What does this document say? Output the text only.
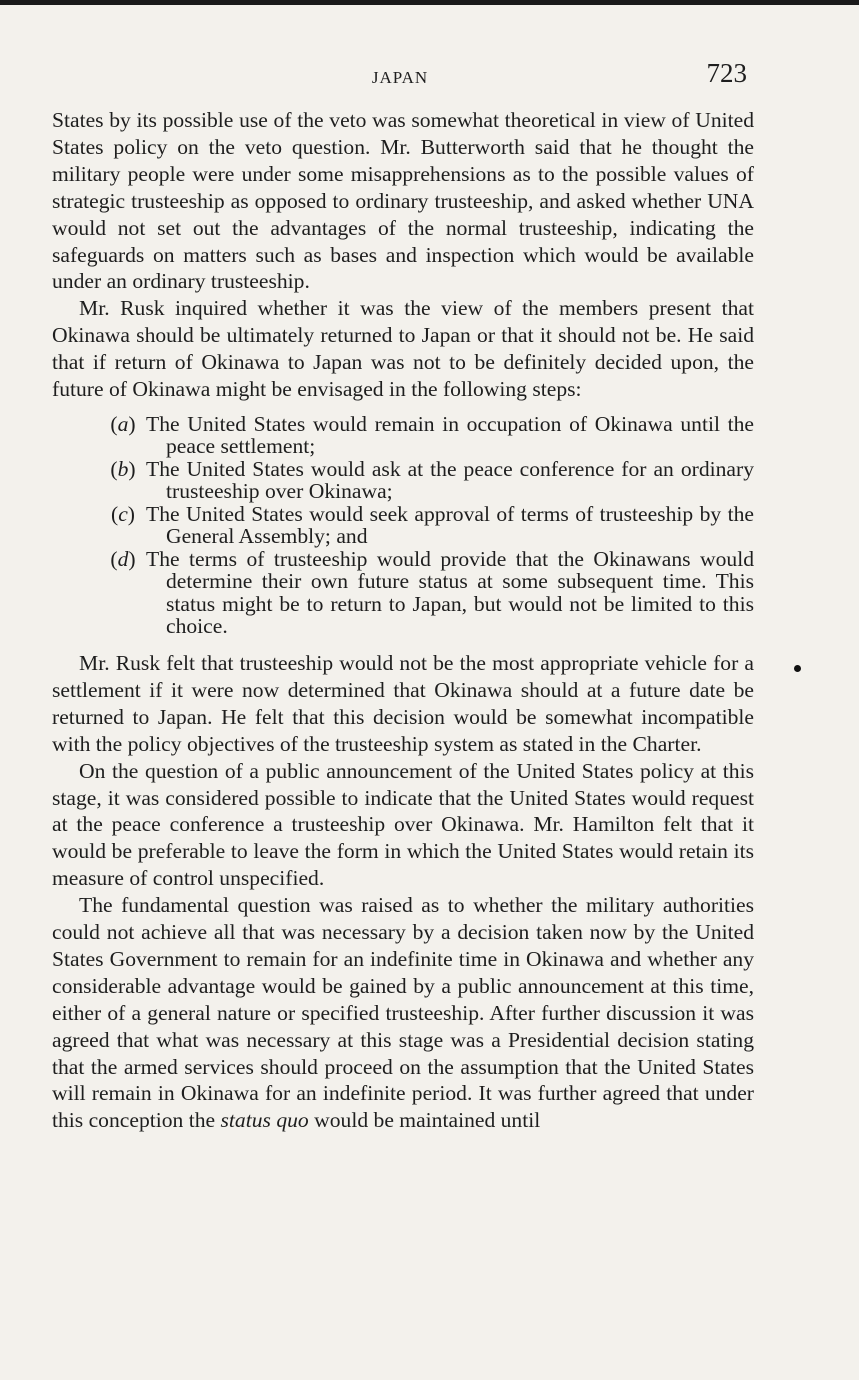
JAPAN	723

States by its possible use of the veto was somewhat theoretical in view of United States policy on the veto question. Mr. Butterworth said that he thought the military people were under some misapprehensions as to the possible values of strategic trusteeship as opposed to ordinary trusteeship, and asked whether UNA would not set out the advantages of the normal trusteeship, indicating the safeguards on matters such as bases and inspection which would be available under an ordinary trusteeship.

Mr. Rusk inquired whether it was the view of the members present that Okinawa should be ultimately returned to Japan or that it should not be. He said that if return of Okinawa to Japan was not to be definitely decided upon, the future of Okinawa might be envisaged in the following steps:

(a) The United States would remain in occupation of Okinawa until the peace settlement;
(b) The United States would ask at the peace conference for an ordinary trusteeship over Okinawa;
(c) The United States would seek approval of terms of trusteeship by the General Assembly; and
(d) The terms of trusteeship would provide that the Okinawans would determine their own future status at some subsequent time. This status might be to return to Japan, but would not be limited to this choice.

Mr. Rusk felt that trusteeship would not be the most appropriate vehicle for a settlement if it were now determined that Okinawa should at a future date be returned to Japan. He felt that this decision would be somewhat incompatible with the policy objectives of the trusteeship system as stated in the Charter.

On the question of a public announcement of the United States policy at this stage, it was considered possible to indicate that the United States would request at the peace conference a trusteeship over Okinawa. Mr. Hamilton felt that it would be preferable to leave the form in which the United States would retain its measure of control unspecified.

The fundamental question was raised as to whether the military authorities could not achieve all that was necessary by a decision taken now by the United States Government to remain for an indefinite time in Okinawa and whether any considerable advantage would be gained by a public announcement at this time, either of a general nature or specified trusteeship. After further discussion it was agreed that what was necessary at this stage was a Presidential decision stating that the armed services should proceed on the assumption that the United States will remain in Okinawa for an indefinite period. It was further agreed that under this conception the status quo would be maintained until
